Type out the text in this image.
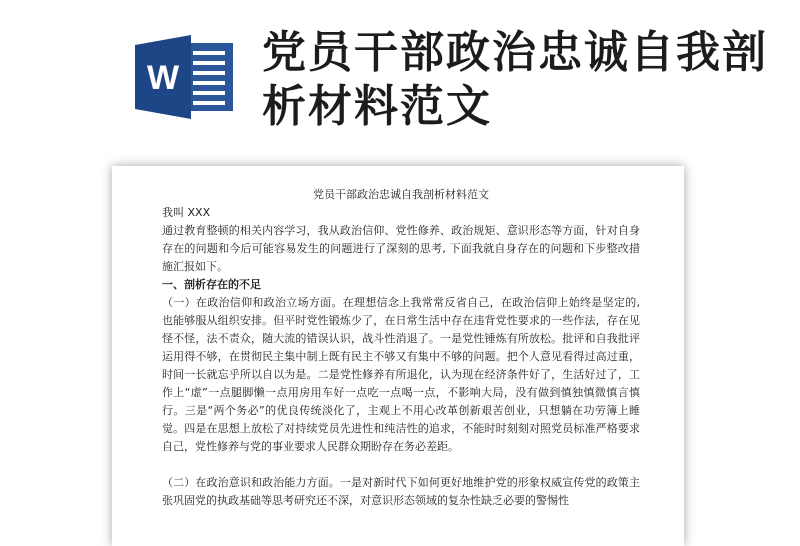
W 党员干部政治忠诚自我剖析材料范文
党员干部政治忠诚自我剖析材料范文

我叫 XXX

通过教育整顿的相关内容学习，我从政治信仰、党性修养、政治规矩、意识形态等方面，针对自身存在的问题和今后可能容易发生的问题进行了深刻的思考, 下面我就自身存在的问题和下步整改措施汇报如下。

一、剖析存在的不足

（一）在政治信仰和政治立场方面。在理想信念上我常常反省自己，在政治信仰上始终是坚定的, 也能够服从组织安排。但平时党性锻炼少了，在日常生活中存在违背党性要求的一些作法，存在见怪不怪，法不责众，随大流的错误认识，战斗性消退了。一是党性锤炼有所放松。批评和自我批评运用得不够，在贯彻民主集中制上既有民主不够又有集中不够的问题。把个人意见看得过高过重，时间一长就忘乎所以自以为是。二是党性修养有所退化，认为现在经济条件好了，生活好过了，工作上“虚”一点腿脚懒一点用房用车好一点吃一点喝一点，不影响大局，没有做到慎独慎微慎言慎行。三是“两个务必”的优良传统淡化了，主观上不用心改革创新艰苦创业，只想躺在功劳簿上睡觉。四是在思想上放松了对持续党员先进性和纯洁性的追求，不能时时刻刻对照党员标准严格要求自己，党性修养与党的事业要求人民群众期盼存在务必差距。

（二）在政治意识和政治能力方面。一是对新时代下如何更好地维护党的形象权威宣传党的政策主张巩固党的执政基础等思考研究还不深，对意识形态领域的复杂性缺乏必要的警惕性
